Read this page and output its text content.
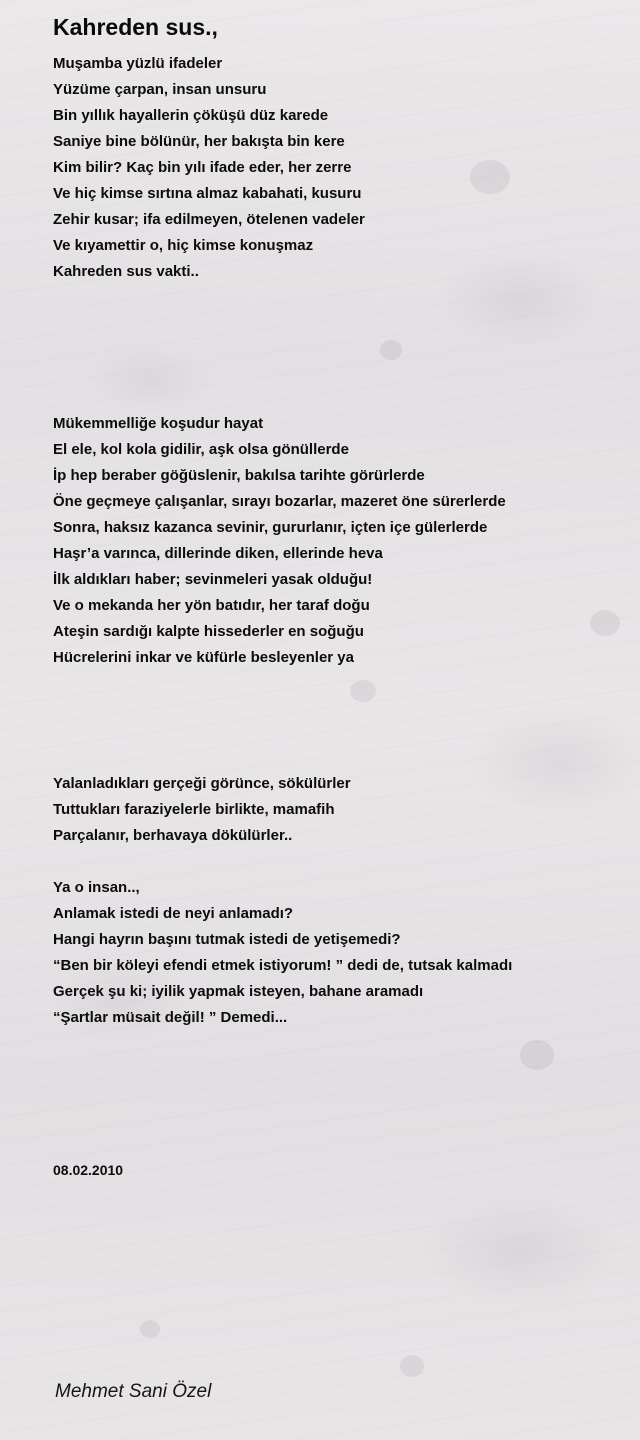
Kahreden sus.,
Muşamba yüzlü ifadeler
Yüzüme çarpan, insan unsuru
Bin yıllık hayallerin çöküşü düz karede
Saniye bine bölünür, her bakışta bin kere
Kim bilir? Kaç bin yılı ifade eder, her zerre
Ve hiç kimse sırtına almaz kabahati, kusuru
Zehir kusar; ifa edilmeyen, ötelenen vadeler
Ve kıyamettir o, hiç kimse konuşmaz
Kahreden sus vakti..
Mükemmelliğe koşudur hayat
El ele, kol kola gidilir, aşk olsa gönüllerde
İp hep beraber göğüslenir, bakılsa tarihte görürlerde
Öne geçmeye çalışanlar, sırayı bozarlar, mazeret öne sürerlerde
Sonra, haksız kazanca sevinir, gururlanır, içten içe gülerlerde
Haşr’a varınca, dillerinde diken, ellerinde heva
İlk aldıkları haber; sevinmeleri yasak olduğu!
Ve o mekanda her yön batıdır, her taraf doğu
Ateşin sardığı kalpte hissederler en soğuğu
Hücrelerini inkar ve küfürle besleyenler ya
Yalanladıkları gerçeği görünce, sökülürler
Tuttukları faraziyelerle birlikte, mamafih
Parçalanır, berhavaya dökülürler..
Ya o insan..,
Anlamak istedi de neyi anlamadı?
Hangi hayrın başını tutmak istedi de yetişemedi?
“Ben bir köleyi efendi etmek istiyorum! ” dedi de, tutsak kalmadı
Gerçek şu ki; iyilik yapmak isteyen, bahane aramadı
“Şartlar müsait değil! ” Demedi...
08.02.2010
Mehmet Sani Özel
